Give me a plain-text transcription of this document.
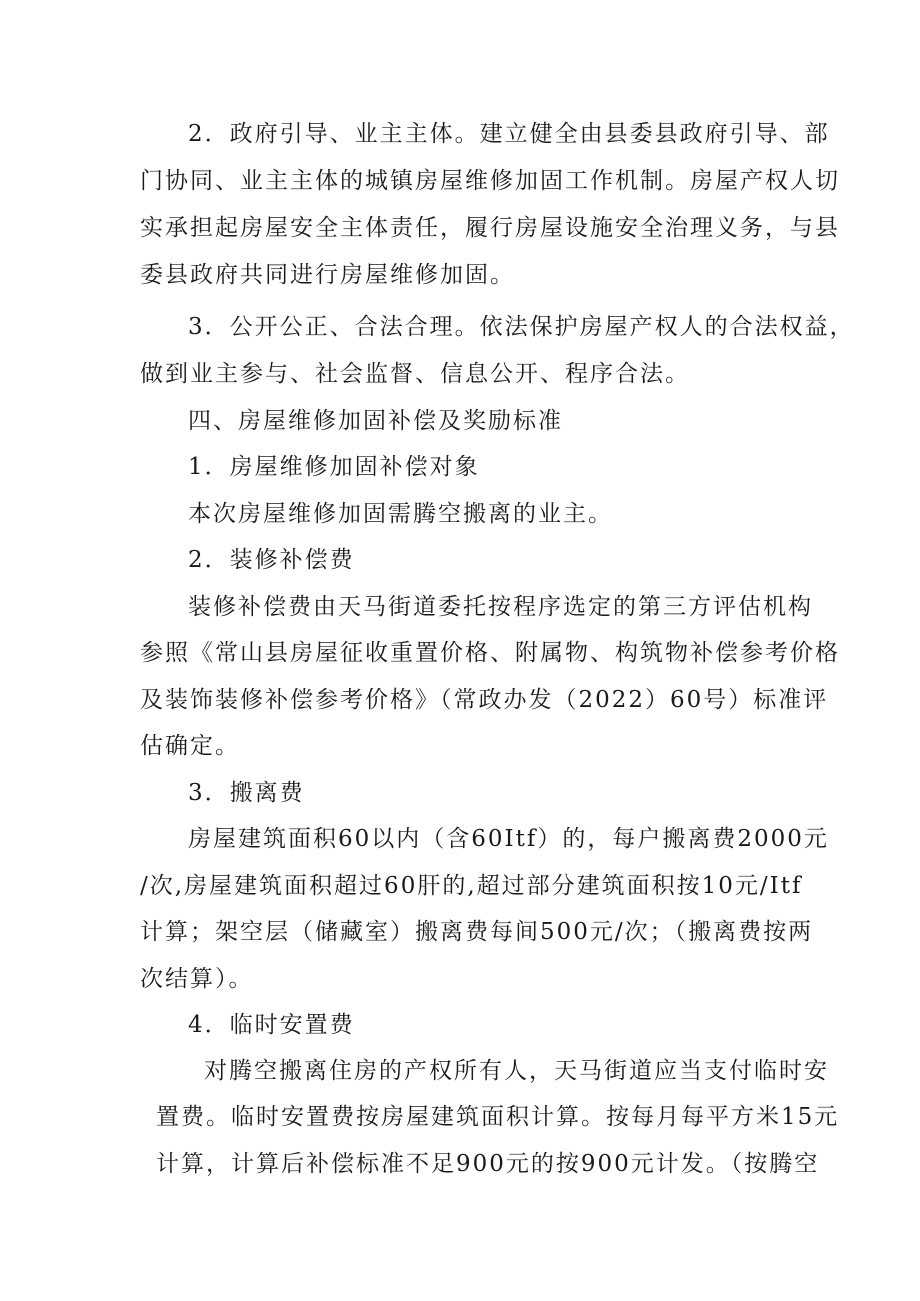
2．政府引导、业主主体。建立健全由县委县政府引导、部
门协同、业主主体的城镇房屋维修加固工作机制。房屋产权人切
实承担起房屋安全主体责任，履行房屋设施安全治理义务，与县
委县政府共同进行房屋维修加固。
3．公开公正、合法合理。依法保护房屋产权人的合法权益，
做到业主参与、社会监督、信息公开、程序合法。
四、房屋维修加固补偿及奖励标准
1．房屋维修加固补偿对象
本次房屋维修加固需腾空搬离的业主。
2．装修补偿费
装修补偿费由天马街道委托按程序选定的第三方评估机构
参照《常山县房屋征收重置价格、附属物、构筑物补偿参考价格
及装饰装修补偿参考价格》（常政办发（2022）60号）标准评
估确定。
3．搬离费
房屋建筑面积60以内（含60Itf）的，每户搬离费2000元
/次,房屋建筑面积超过60肝的,超过部分建筑面积按10元/Itf
计算；架空层（储藏室）搬离费每间500元/次；（搬离费按两
次结算）。
4．临时安置费
对腾空搬离住房的产权所有人，天马街道应当支付临时安
置费。临时安置费按房屋建筑面积计算。按每月每平方米15元
计算，计算后补偿标准不足900元的按900元计发。（按腾空
